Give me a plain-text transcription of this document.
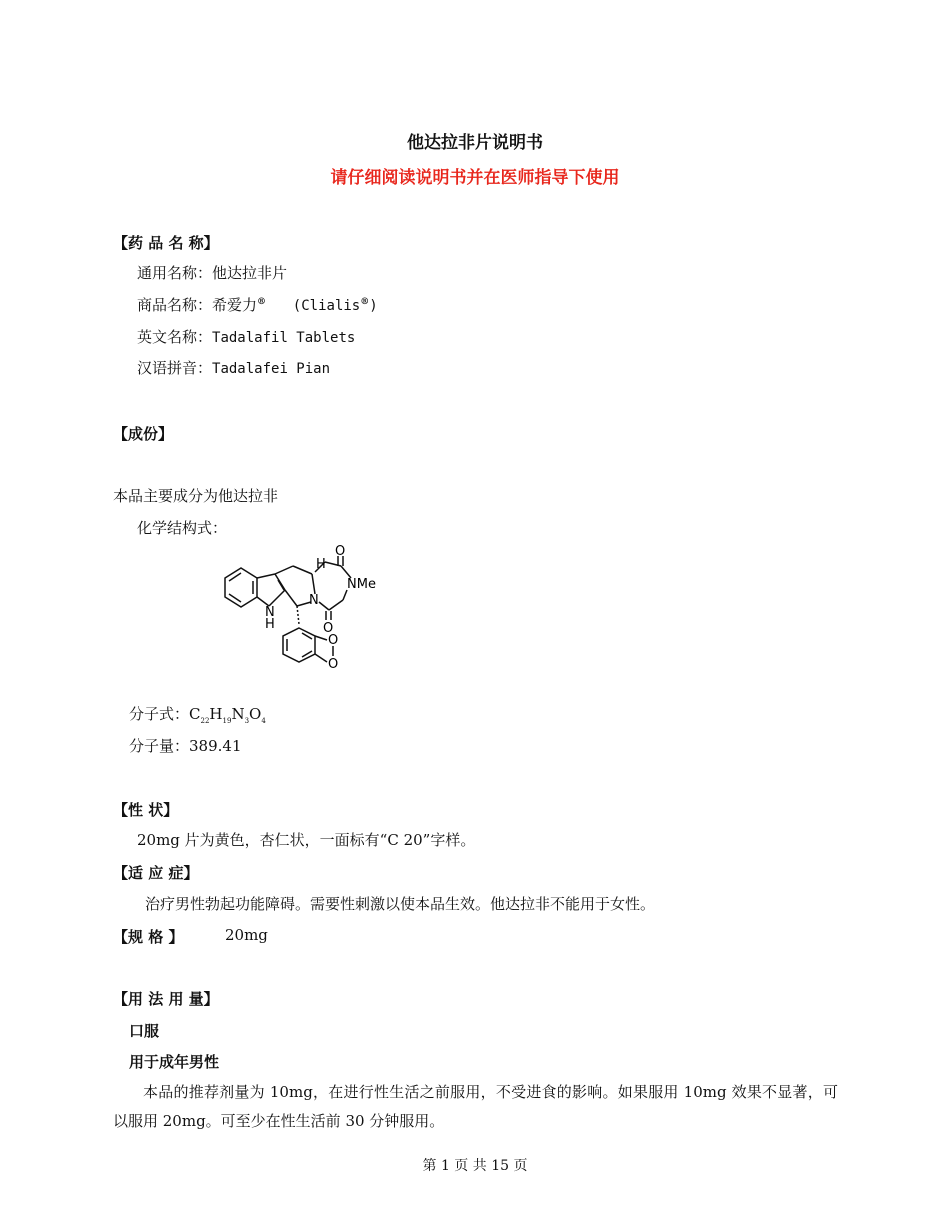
他达拉非片说明书
请仔细阅读说明书并在医师指导下使用
【药 品 名 称】
通用名称：他达拉非片
商品名称：希爱力® (Clialis®)
英文名称：Tadalafil Tablets
汉语拼音：Tadalafei Pian
【成份】
本品主要成分为他达拉非
化学结构式：
H
O
NMe
N
O
N
H
O
O
分子式：$C_{22}H_{19}N_3O_4$
分子量：389.41
【性 状】
20mg 片为黄色，杏仁状，一面标有“C 20”字样。
【适 应 症】
治疗男性勃起功能障碍。需要性刺激以使本品生效。他达拉非不能用于女性。
【规 格 】	20mg
【用 法 用 量】
口服
用于成年男性
本品的推荐剂量为 10mg，在进行性生活之前服用，不受进食的影响。如果服用 10mg 效果不显著，可以服用 20mg。可至少在性生活前 30 分钟服用。
第 1 页 共 15 页
